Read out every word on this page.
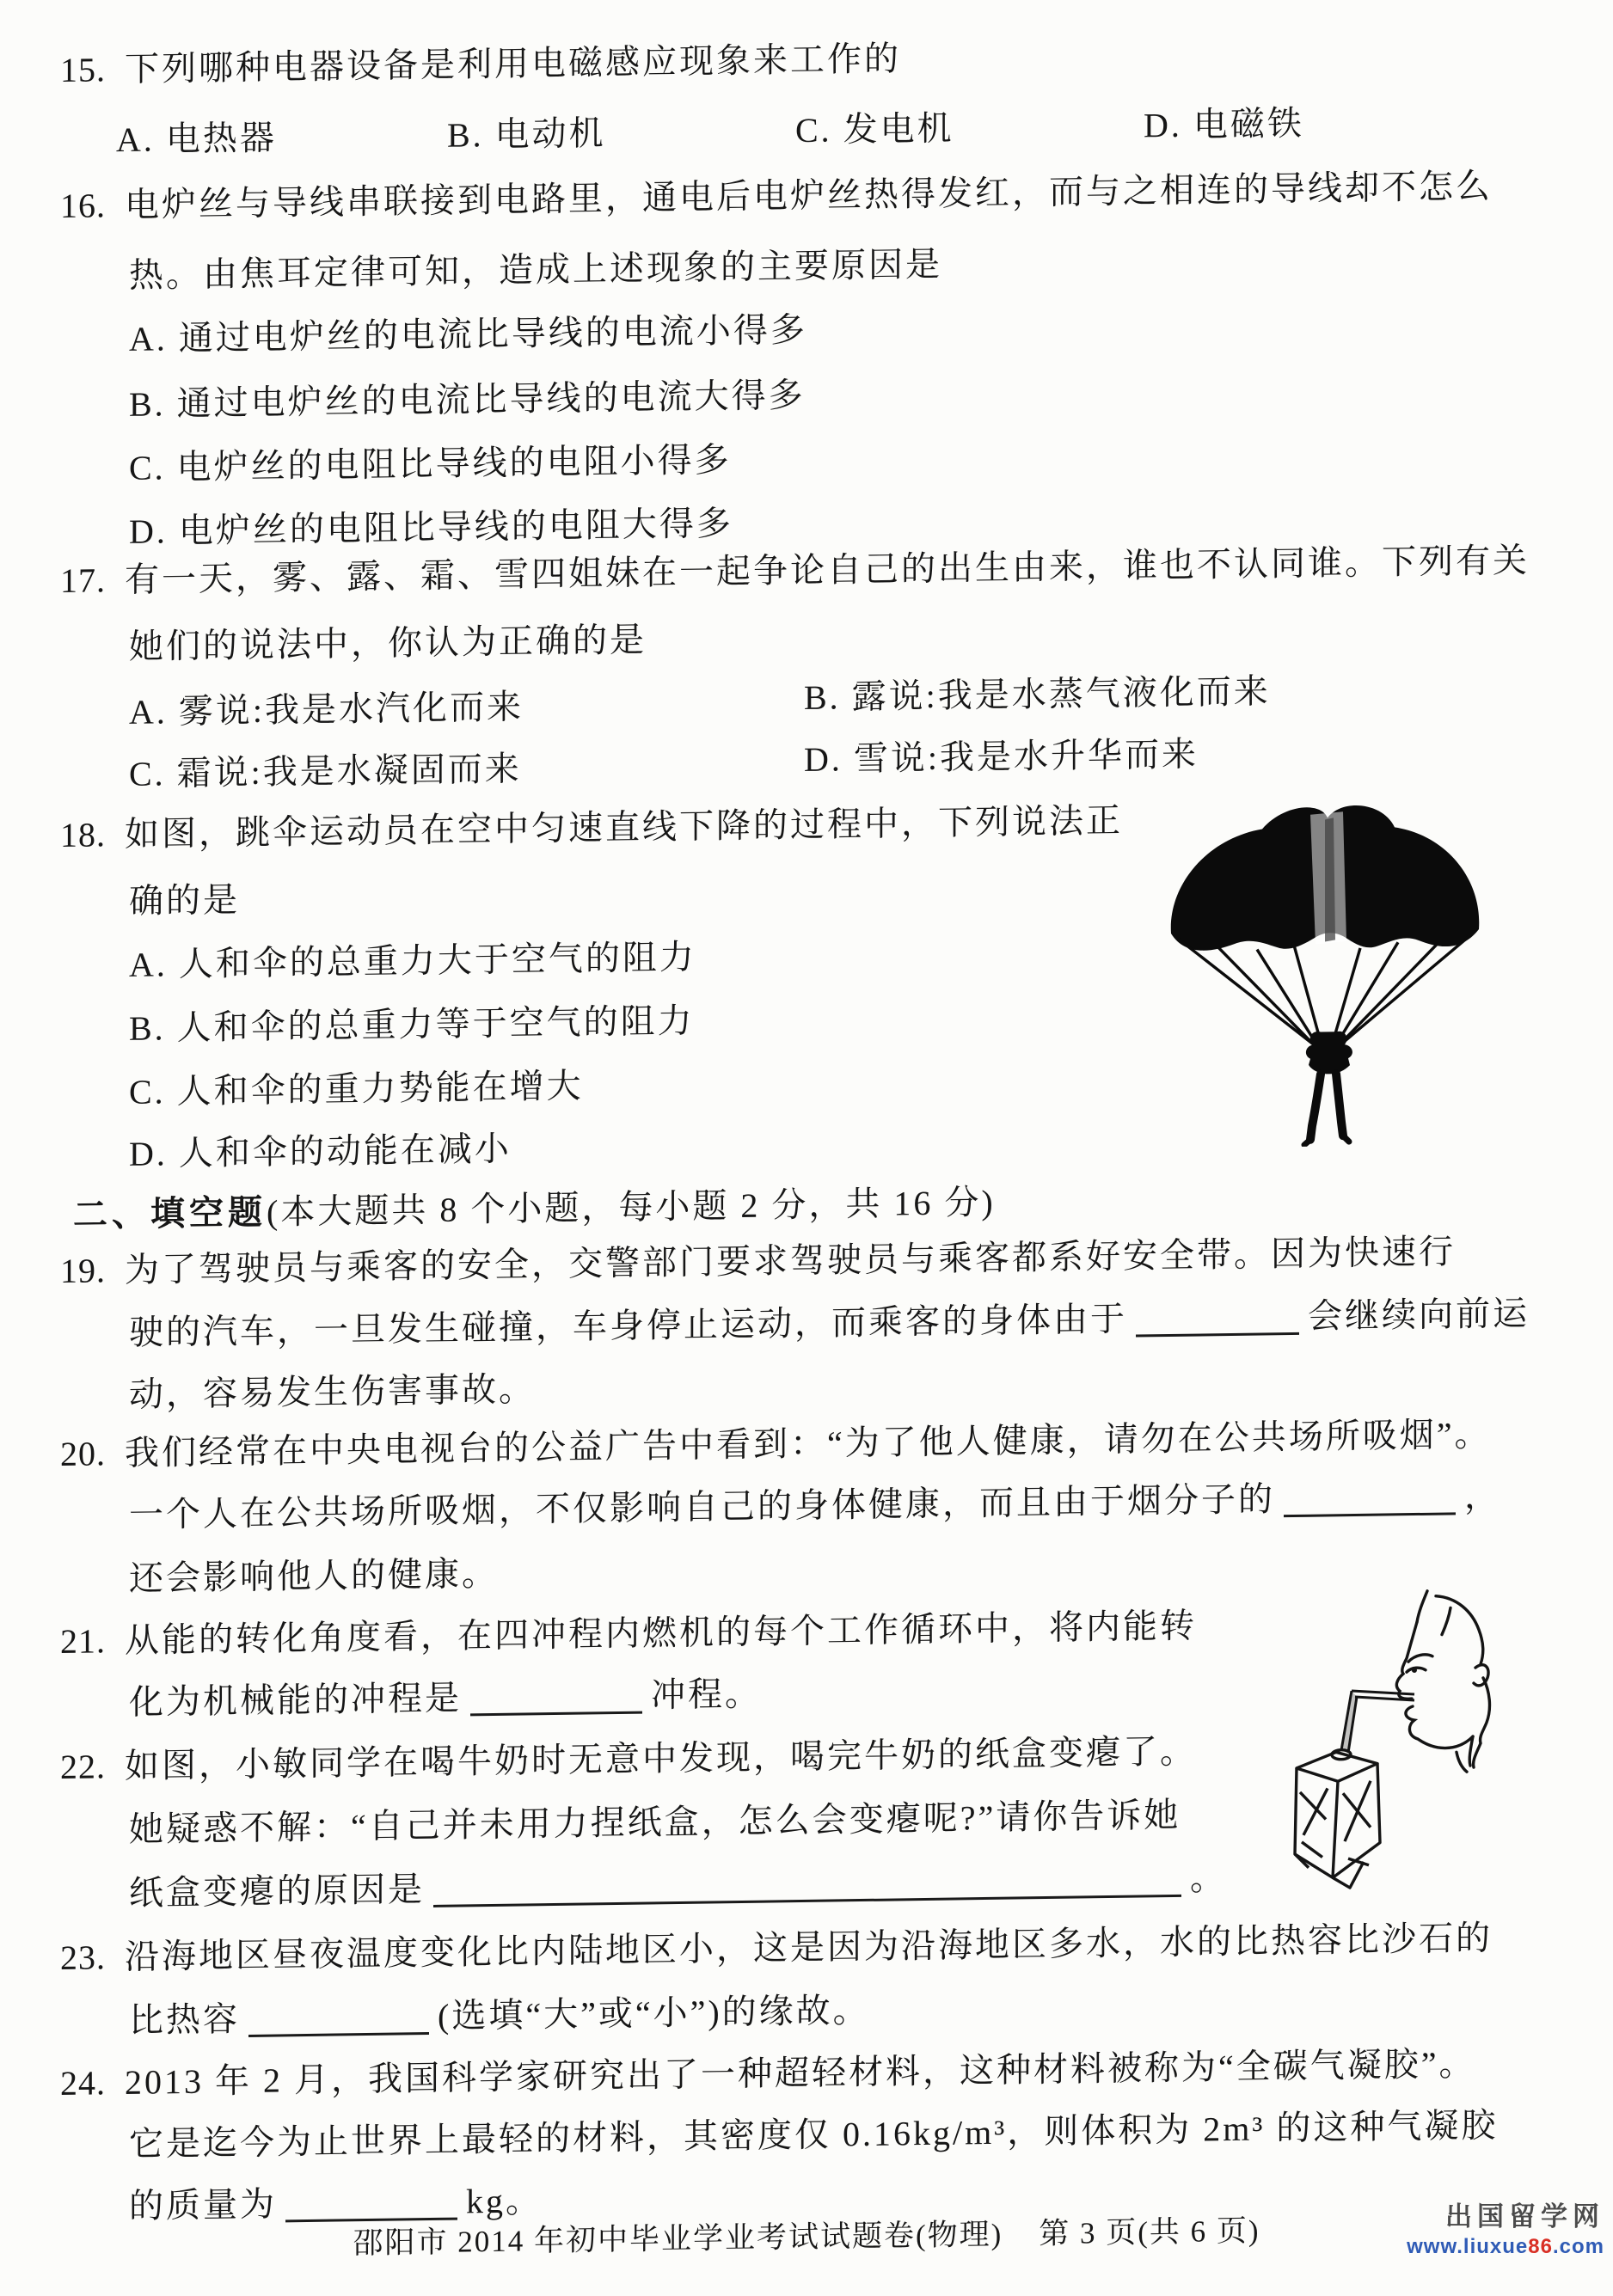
15. 下列哪种电器设备是利用电磁感应现象来工作的
A. 电热器	B. 电动机	C. 发电机	D. 电磁铁
16. 电炉丝与导线串联接到电路里，通电后电炉丝热得发红，而与之相连的导线却不怎么
热。由焦耳定律可知，造成上述现象的主要原因是
A. 通过电炉丝的电流比导线的电流小得多
B. 通过电炉丝的电流比导线的电流大得多
C. 电炉丝的电阻比导线的电阻小得多
D. 电炉丝的电阻比导线的电阻大得多
17. 有一天，雾、露、霜、雪四姐妹在一起争论自己的出生由来，谁也不认同谁。下列有关
她们的说法中，你认为正确的是
A. 雾说:我是水汽化而来	B. 露说:我是水蒸气液化而来
C. 霜说:我是水凝固而来	D. 雪说:我是水升华而来
18. 如图，跳伞运动员在空中匀速直线下降的过程中，下列说法正
确的是
A. 人和伞的总重力大于空气的阻力
B. 人和伞的总重力等于空气的阻力
C. 人和伞的重力势能在增大
D. 人和伞的动能在减小
二、填空题(本大题共 8 个小题，每小题 2 分，共 16 分)
19. 为了驾驶员与乘客的安全，交警部门要求驾驶员与乘客都系好安全带。因为快速行
驶的汽车，一旦发生碰撞，车身停止运动，而乘客的身体由于	会继续向前运
动，容易发生伤害事故。
20. 我们经常在中央电视台的公益广告中看到：“为了他人健康，请勿在公共场所吸烟”。
一个人在公共场所吸烟，不仅影响自己的身体健康，而且由于烟分子的	，
还会影响他人的健康。
21. 从能的转化角度看，在四冲程内燃机的每个工作循环中，将内能转
化为机械能的冲程是	冲程。
22. 如图，小敏同学在喝牛奶时无意中发现，喝完牛奶的纸盒变瘪了。
她疑惑不解：“自己并未用力捏纸盒，怎么会变瘪呢?”请你告诉她
纸盒变瘪的原因是	。
23. 沿海地区昼夜温度变化比内陆地区小，这是因为沿海地区多水，水的比热容比沙石的
比热容	(选填“大”或“小”)的缘故。
24. 2013 年 2 月，我国科学家研究出了一种超轻材料，这种材料被称为“全碳气凝胶”。
它是迄今为止世界上最轻的材料，其密度仅 0.16kg/m³，则体积为 2m³ 的这种气凝胶
的质量为	kg。
邵阳市 2014 年初中毕业学业考试试题卷(物理) 第 3 页(共 6 页)	出国留学网
www.liuxue86.com
